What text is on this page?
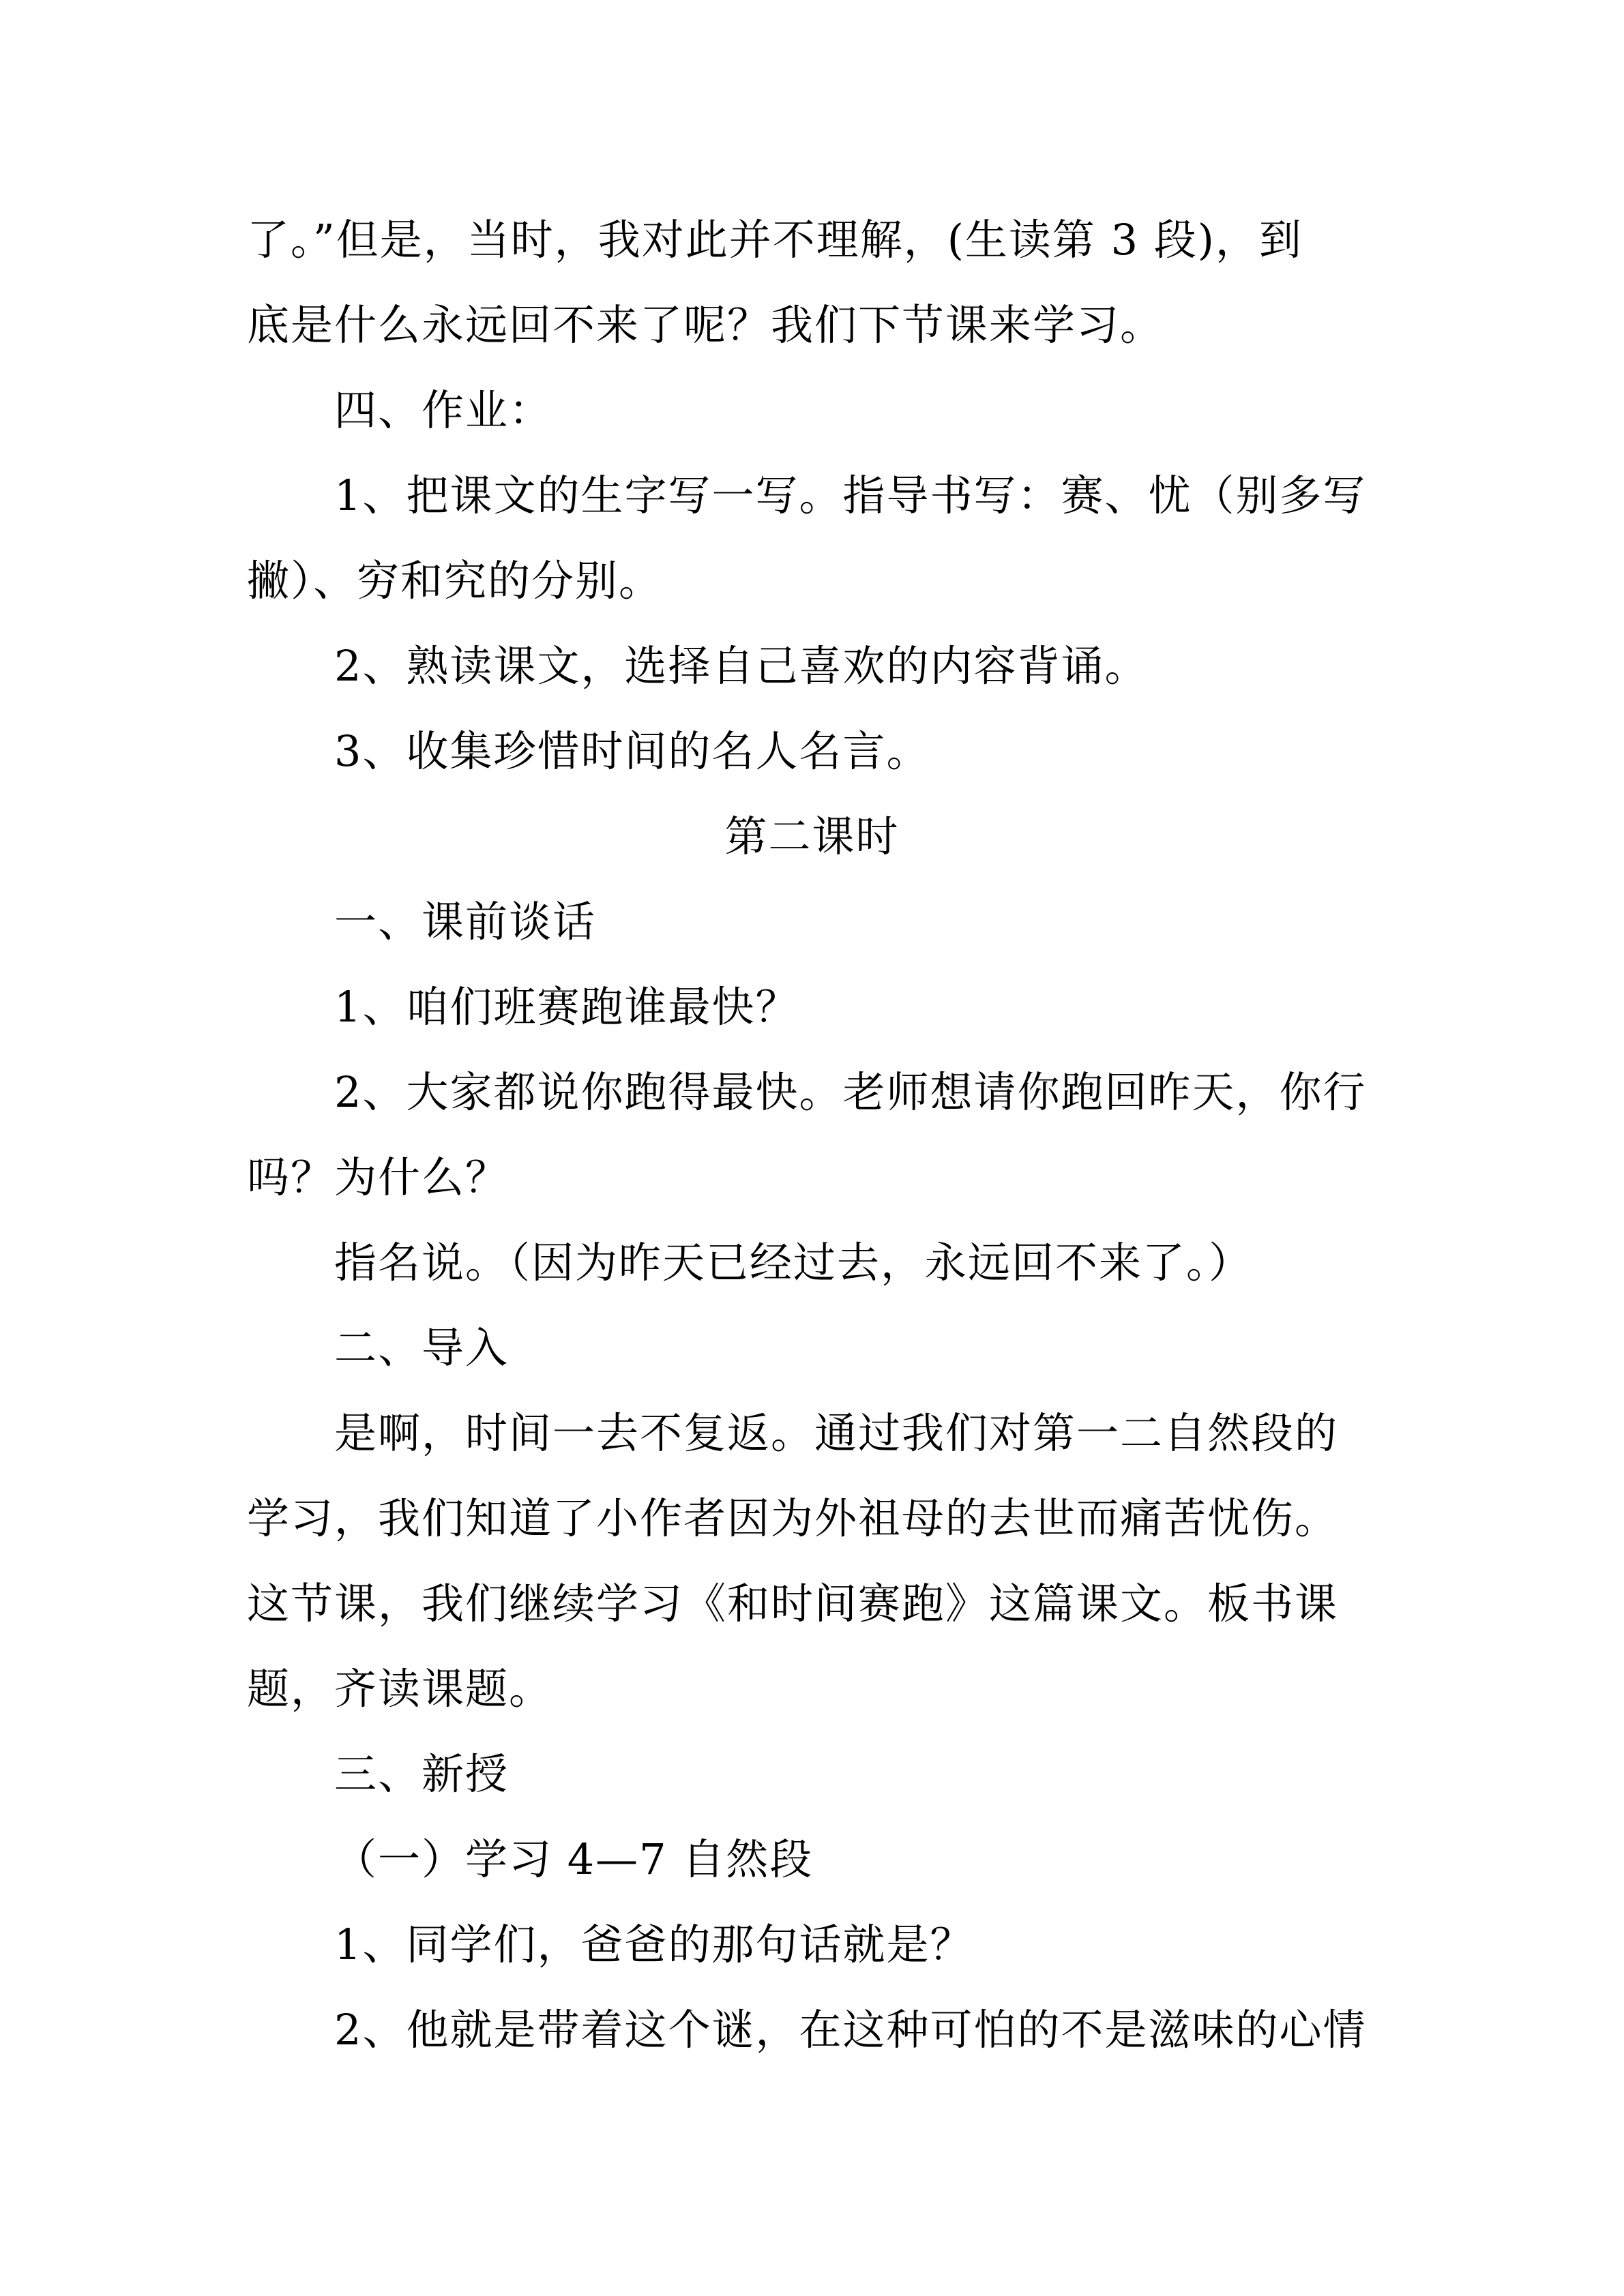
了。”但是，当时，我对此并不理解，(生读第 3 段)，到
底是什么永远回不来了呢？我们下节课来学习。
四、作业：
1、把课文的生字写一写。指导书写：赛、忧（别多写
撇）、穷和究的分别。
2、熟读课文，选择自己喜欢的内容背诵。
3、收集珍惜时间的名人名言。
第二课时
一、课前谈话
1、咱们班赛跑谁最快？
2、大家都说你跑得最快。老师想请你跑回昨天，你行
吗？为什么？
指名说。（因为昨天已经过去，永远回不来了。）
二、导入
是啊，时间一去不复返。通过我们对第一二自然段的
学习，我们知道了小作者因为外祖母的去世而痛苦忧伤。
这节课，我们继续学习《和时间赛跑》这篇课文。板书课
题，齐读课题。
三、新授
（一）学习 4—7 自然段
1、同学们，爸爸的那句话就是？
2、他就是带着这个谜，在这种可怕的不是滋味的心情
